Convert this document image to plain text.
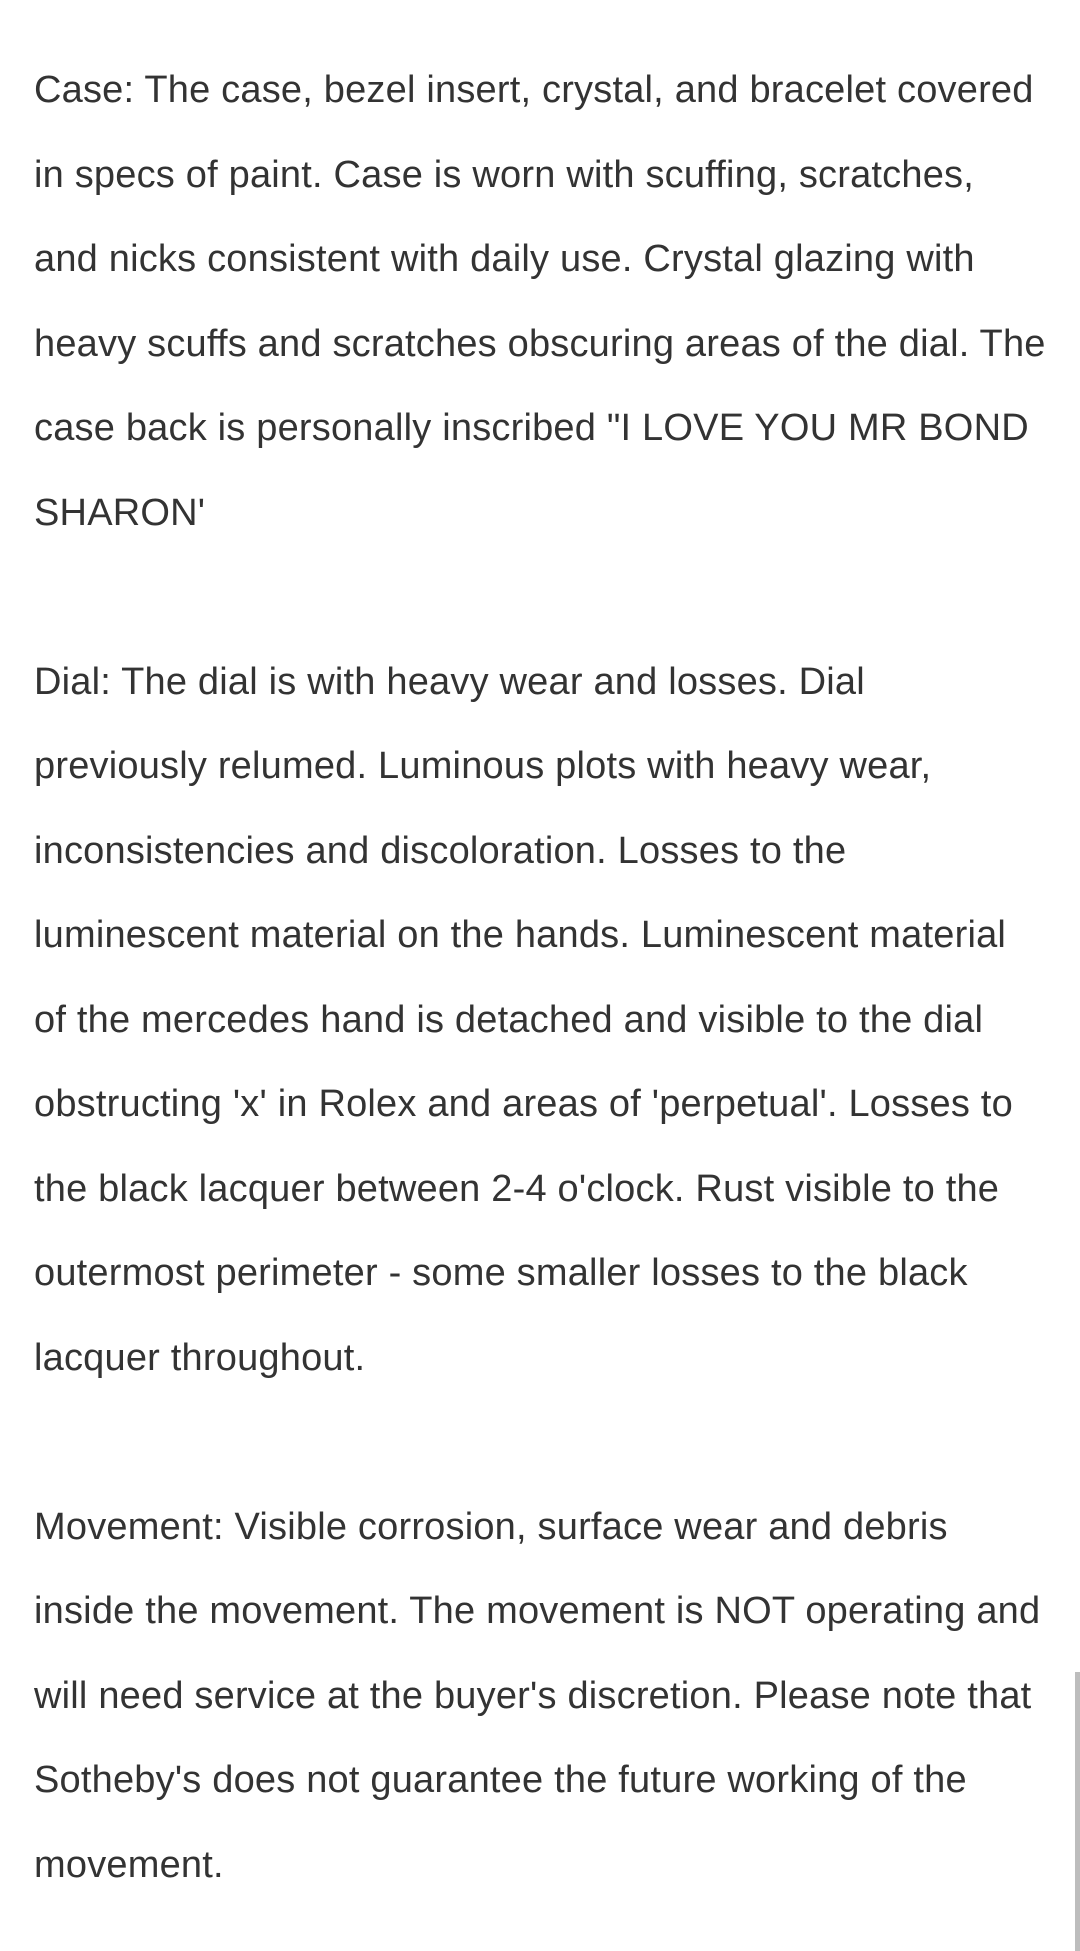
Case: The case, bezel insert, crystal, and bracelet covered in specs of paint. Case is worn with scuffing, scratches, and nicks consistent with daily use. Crystal glazing with heavy scuffs and scratches obscuring areas of the dial. The case back is personally inscribed "I LOVE YOU MR BOND SHARON'

Dial: The dial is with heavy wear and losses. Dial previously relumed. Luminous plots with heavy wear, inconsistencies and discoloration. Losses to the luminescent material on the hands. Luminescent material of the mercedes hand is detached and visible to the dial obstructing 'x' in Rolex and areas of 'perpetual'. Losses to the black lacquer between 2-4 o'clock. Rust visible to the outermost perimeter - some smaller losses to the black lacquer throughout.

Movement: Visible corrosion, surface wear and debris inside the movement. The movement is NOT operating and will need service at the buyer's discretion. Please note that Sotheby's does not guarantee the future working of the movement.
